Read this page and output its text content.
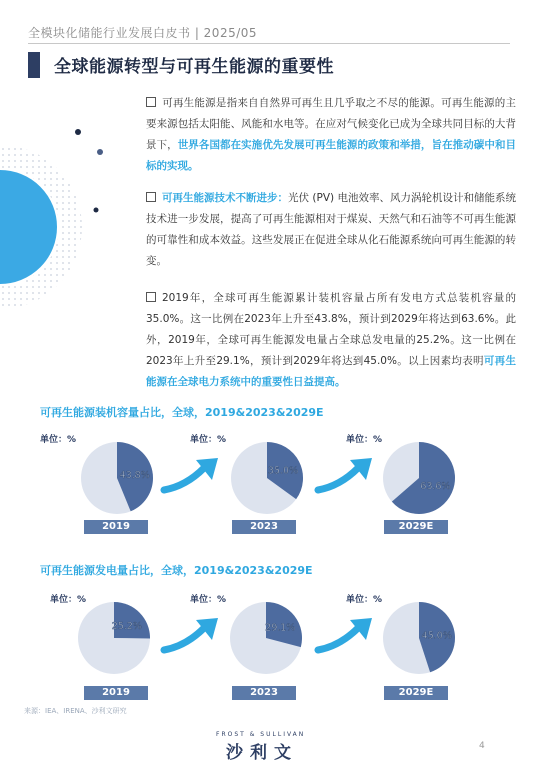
全模块化储能行业发展白皮书 | 2025/05
全球能源转型与可再生能源的重要性
可再生能源是指来自自然界可再生且几乎取之不尽的能源。可再生能源的主要来源包括太阳能、风能和水电等。在应对气候变化已成为全球共同目标的大背景下，世界各国都在实施优先发展可再生能源的政策和举措，旨在推动碳中和目标的实现。
可再生能源技术不断进步：光伏 (PV) 电池效率、风力涡轮机设计和储能系统技术进一步发展，提高了可再生能源相对于煤炭、天然气和石油等不可再生能源的可靠性和成本效益。这些发展正在促进全球从化石能源系统向可再生能源的转变。
2019年，全球可再生能源累计装机容量占所有发电方式总装机容量的35.0%。这一比例在2023年上升至43.8%，预计到2029年将达到63.6%。此外，2019年，全球可再生能源发电量占全球总发电量的25.2%。这一比例在2023年上升至29.1%，预计到2029年将达到45.0%。以上因素均表明可再生能源在全球电力系统中的重要性日益提高。
可再生能源装机容量占比，全球，2019&2023&2029E
单位：%	单位：%	单位：%
43.8%	35.0%
63.6%
2019	2023	2029E
可再生能源发电量占比，全球，2019&2023&2029E
单位：%	单位：%	单位：%
25.2%	29.1%
45.0%
2019	2023	2029E
来源：IEA、IRENA、沙利文研究
FROST & SULLIVAN
沙利文	4
